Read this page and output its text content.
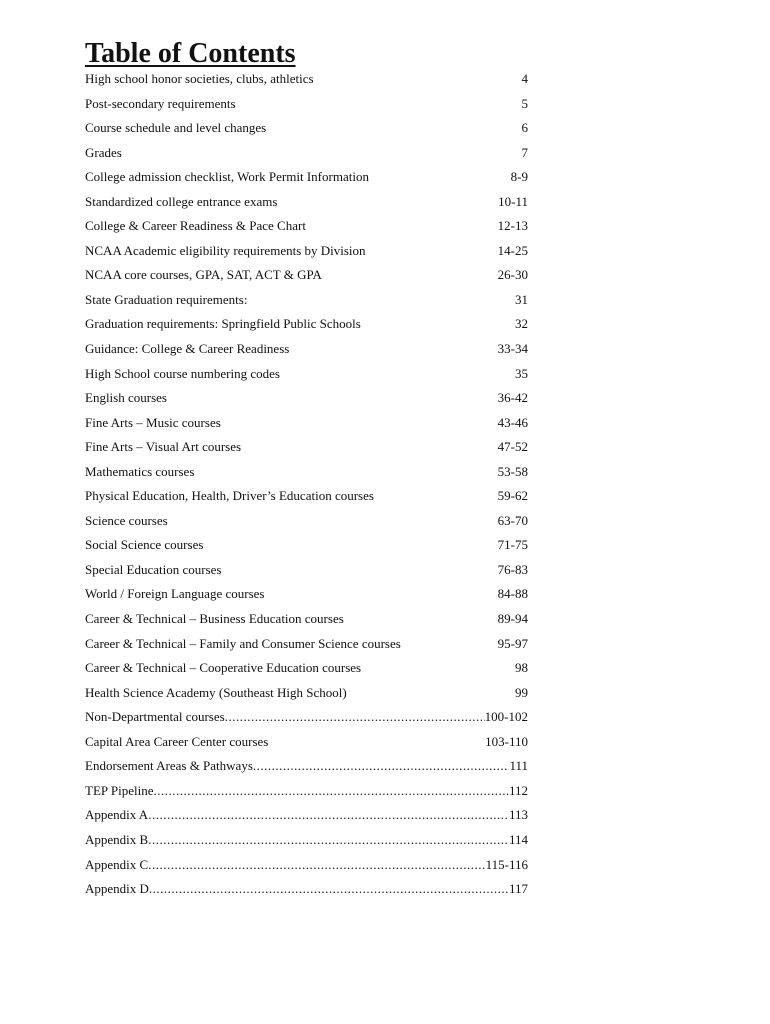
Table of Contents
High school honor societies, clubs, athletics	4
Post-secondary requirements	5
Course schedule and level changes	6
Grades	7
College admission checklist, Work Permit Information	8-9
Standardized college entrance exams	10-11
College & Career Readiness & Pace Chart	12-13
NCAA Academic eligibility requirements by Division	14-25
NCAA core courses, GPA, SAT, ACT & GPA	26-30
State Graduation requirements:	31
Graduation requirements: Springfield Public Schools	32
Guidance: College & Career Readiness	33-34
High School course numbering codes	35
English courses	36-42
Fine Arts – Music courses	43-46
Fine Arts – Visual Art courses	47-52
Mathematics courses	53-58
Physical Education, Health, Driver’s Education courses	59-62
Science courses	63-70
Social Science courses	71-75
Special Education courses	76-83
World / Foreign Language courses	84-88
Career & Technical – Business Education courses	89-94
Career & Technical – Family and Consumer Science courses	95-97
Career & Technical – Cooperative Education courses	98
Health Science Academy (Southeast High School)	99
Non-Departmental courses .....	100-102
Capital Area Career Center courses	103-110
Endorsement Areas & Pathways .....	111
TEP Pipeline .....	112
Appendix A .....	113
Appendix B .....	114
Appendix C .....	115-116
Appendix D .....	117
